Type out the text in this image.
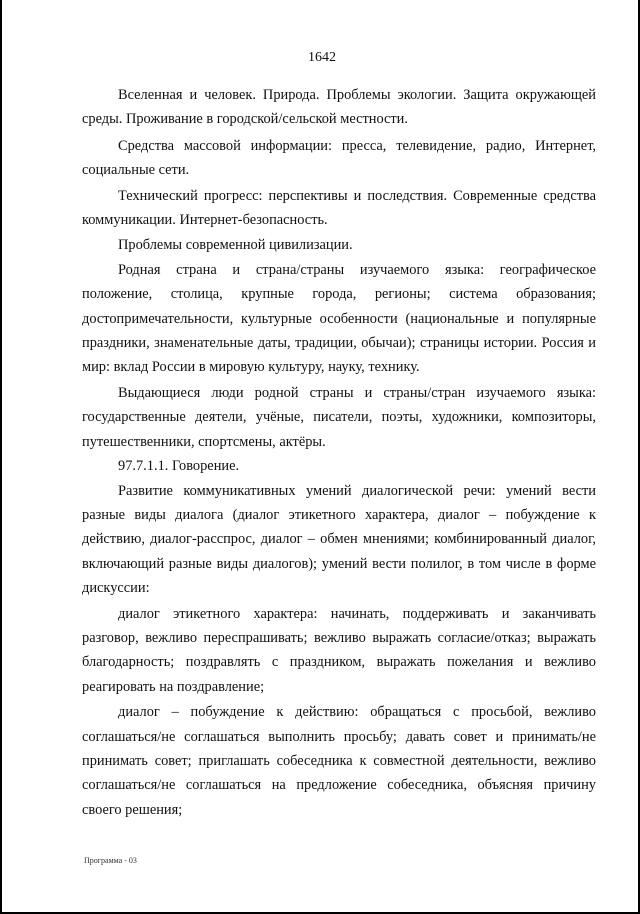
1642

Вселенная и человек. Природа. Проблемы экологии. Защита окружающей среды. Проживание в городской/сельской местности.

Средства массовой информации: пресса, телевидение, радио, Интернет, социальные сети.

Технический прогресс: перспективы и последствия. Современные средства коммуникации. Интернет-безопасность.

Проблемы современной цивилизации.

Родная страна и страна/страны изучаемого языка: географическое положение, столица, крупные города, регионы; система образования; достопримечательности, культурные особенности (национальные и популярные праздники, знаменательные даты, традиции, обычаи); страницы истории. Россия и мир: вклад России в мировую культуру, науку, технику.

Выдающиеся люди родной страны и страны/стран изучаемого языка: государственные деятели, учёные, писатели, поэты, художники, композиторы, путешественники, спортсмены, актёры.

97.7.1.1. Говорение.

Развитие коммуникативных умений диалогической речи: умений вести разные виды диалога (диалог этикетного характера, диалог – побуждение к действию, диалог-расспрос, диалог – обмен мнениями; комбинированный диалог, включающий разные виды диалогов); умений вести полилог, в том числе в форме дискуссии:

диалог этикетного характера: начинать, поддерживать и заканчивать разговор, вежливо переспрашивать; вежливо выражать согласие/отказ; выражать благодарность; поздравлять с праздником, выражать пожелания и вежливо реагировать на поздравление;

диалог – побуждение к действию: обращаться с просьбой, вежливо соглашаться/не соглашаться выполнить просьбу; давать совет и принимать/не принимать совет; приглашать собеседника к совместной деятельности, вежливо соглашаться/не соглашаться на предложение собеседника, объясняя причину своего решения;

Программа - 03
